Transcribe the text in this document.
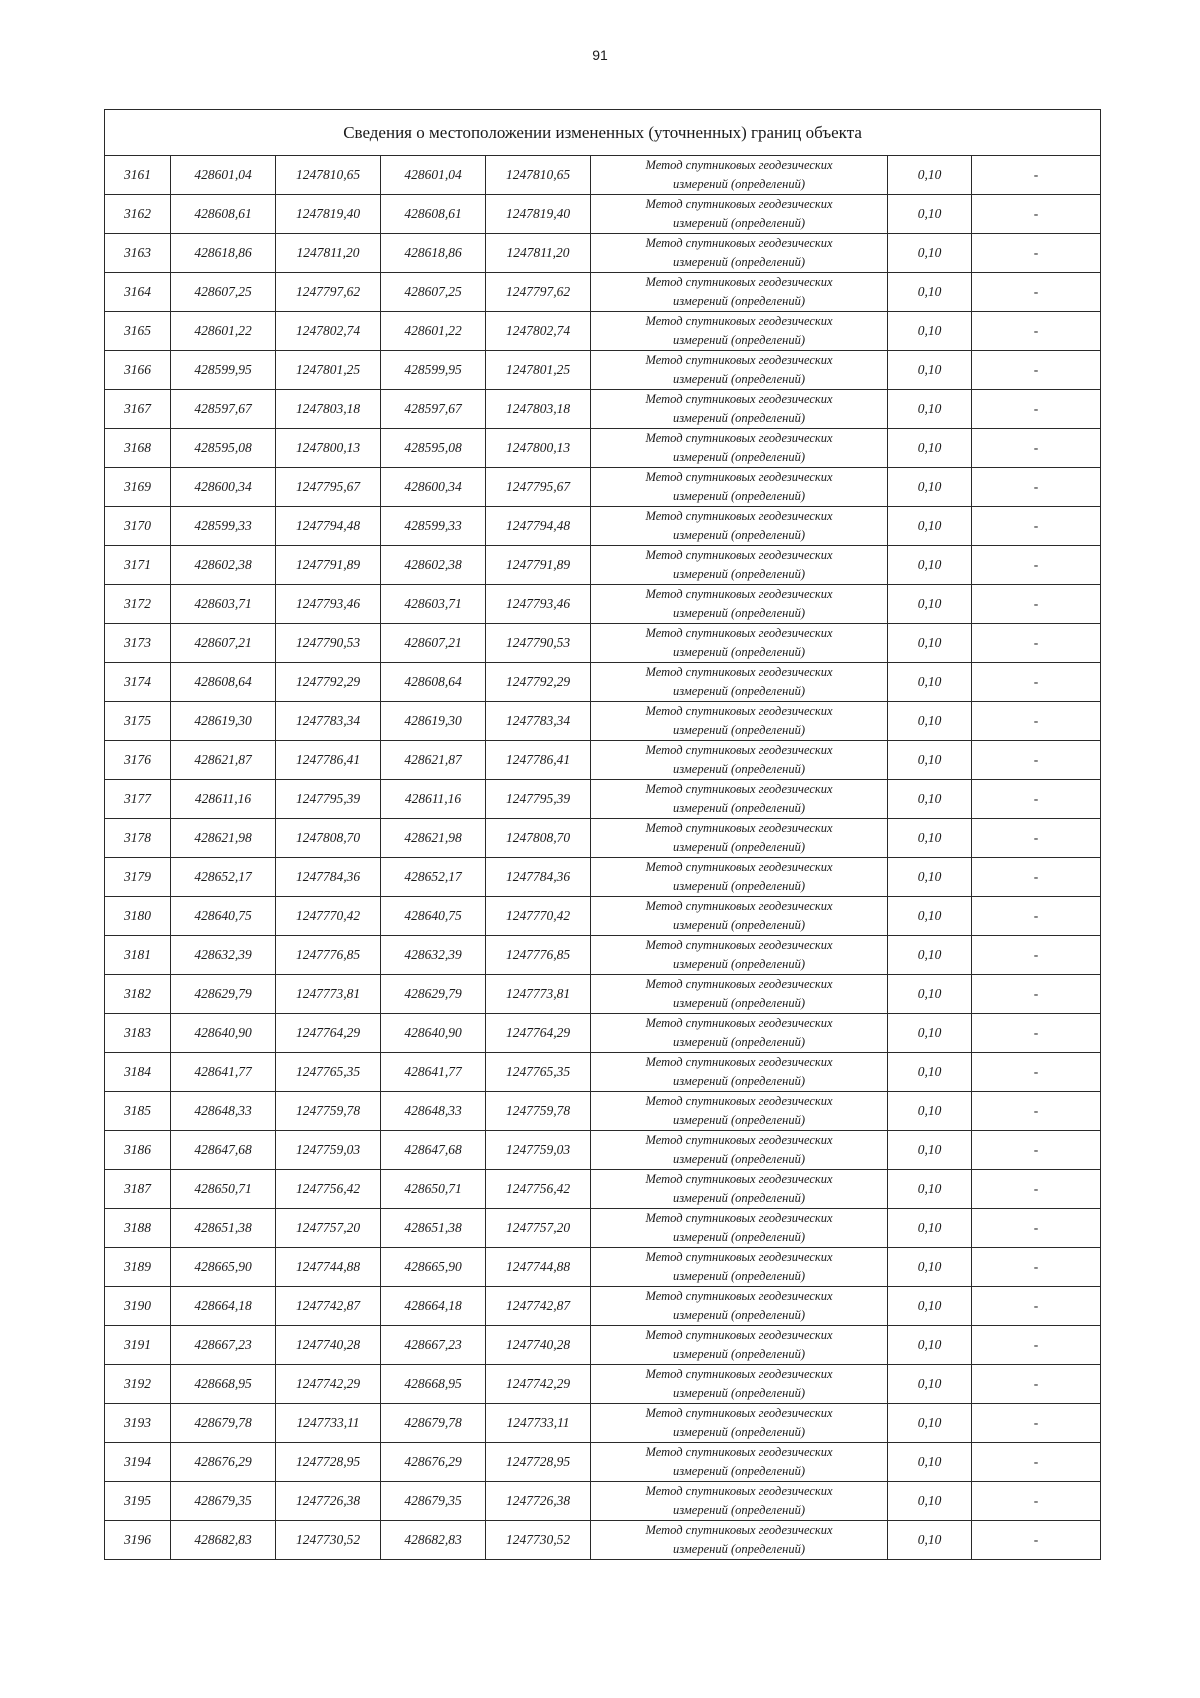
91
Сведения о местоположении измененных (уточненных) границ объекта							
3161	428601,04	1247810,65	428601,04	1247810,65	Метод спутниковых геодезических
измерений (определений)	0,10	-
3162	428608,61	1247819,40	428608,61	1247819,40	Метод спутниковых геодезических
измерений (определений)	0,10	-
3163	428618,86	1247811,20	428618,86	1247811,20	Метод спутниковых геодезических
измерений (определений)	0,10	-
3164	428607,25	1247797,62	428607,25	1247797,62	Метод спутниковых геодезических
измерений (определений)	0,10	-
3165	428601,22	1247802,74	428601,22	1247802,74	Метод спутниковых геодезических
измерений (определений)	0,10	-
3166	428599,95	1247801,25	428599,95	1247801,25	Метод спутниковых геодезических
измерений (определений)	0,10	-
3167	428597,67	1247803,18	428597,67	1247803,18	Метод спутниковых геодезических
измерений (определений)	0,10	-
3168	428595,08	1247800,13	428595,08	1247800,13	Метод спутниковых геодезических
измерений (определений)	0,10	-
3169	428600,34	1247795,67	428600,34	1247795,67	Метод спутниковых геодезических
измерений (определений)	0,10	-
3170	428599,33	1247794,48	428599,33	1247794,48	Метод спутниковых геодезических
измерений (определений)	0,10	-
3171	428602,38	1247791,89	428602,38	1247791,89	Метод спутниковых геодезических
измерений (определений)	0,10	-
3172	428603,71	1247793,46	428603,71	1247793,46	Метод спутниковых геодезических
измерений (определений)	0,10	-
3173	428607,21	1247790,53	428607,21	1247790,53	Метод спутниковых геодезических
измерений (определений)	0,10	-
3174	428608,64	1247792,29	428608,64	1247792,29	Метод спутниковых геодезических
измерений (определений)	0,10	-
3175	428619,30	1247783,34	428619,30	1247783,34	Метод спутниковых геодезических
измерений (определений)	0,10	-
3176	428621,87	1247786,41	428621,87	1247786,41	Метод спутниковых геодезических
измерений (определений)	0,10	-
3177	428611,16	1247795,39	428611,16	1247795,39	Метод спутниковых геодезических
измерений (определений)	0,10	-
3178	428621,98	1247808,70	428621,98	1247808,70	Метод спутниковых геодезических
измерений (определений)	0,10	-
3179	428652,17	1247784,36	428652,17	1247784,36	Метод спутниковых геодезических
измерений (определений)	0,10	-
3180	428640,75	1247770,42	428640,75	1247770,42	Метод спутниковых геодезических
измерений (определений)	0,10	-
3181	428632,39	1247776,85	428632,39	1247776,85	Метод спутниковых геодезических
измерений (определений)	0,10	-
3182	428629,79	1247773,81	428629,79	1247773,81	Метод спутниковых геодезических
измерений (определений)	0,10	-
3183	428640,90	1247764,29	428640,90	1247764,29	Метод спутниковых геодезических
измерений (определений)	0,10	-
3184	428641,77	1247765,35	428641,77	1247765,35	Метод спутниковых геодезических
измерений (определений)	0,10	-
3185	428648,33	1247759,78	428648,33	1247759,78	Метод спутниковых геодезических
измерений (определений)	0,10	-
3186	428647,68	1247759,03	428647,68	1247759,03	Метод спутниковых геодезических
измерений (определений)	0,10	-
3187	428650,71	1247756,42	428650,71	1247756,42	Метод спутниковых геодезических
измерений (определений)	0,10	-
3188	428651,38	1247757,20	428651,38	1247757,20	Метод спутниковых геодезических
измерений (определений)	0,10	-
3189	428665,90	1247744,88	428665,90	1247744,88	Метод спутниковых геодезических
измерений (определений)	0,10	-
3190	428664,18	1247742,87	428664,18	1247742,87	Метод спутниковых геодезических
измерений (определений)	0,10	-
3191	428667,23	1247740,28	428667,23	1247740,28	Метод спутниковых геодезических
измерений (определений)	0,10	-
3192	428668,95	1247742,29	428668,95	1247742,29	Метод спутниковых геодезических
измерений (определений)	0,10	-
3193	428679,78	1247733,11	428679,78	1247733,11	Метод спутниковых геодезических
измерений (определений)	0,10	-
3194	428676,29	1247728,95	428676,29	1247728,95	Метод спутниковых геодезических
измерений (определений)	0,10	-
3195	428679,35	1247726,38	428679,35	1247726,38	Метод спутниковых геодезических
измерений (определений)	0,10	-
3196	428682,83	1247730,52	428682,83	1247730,52	Метод спутниковых геодезических
измерений (определений)	0,10	-
